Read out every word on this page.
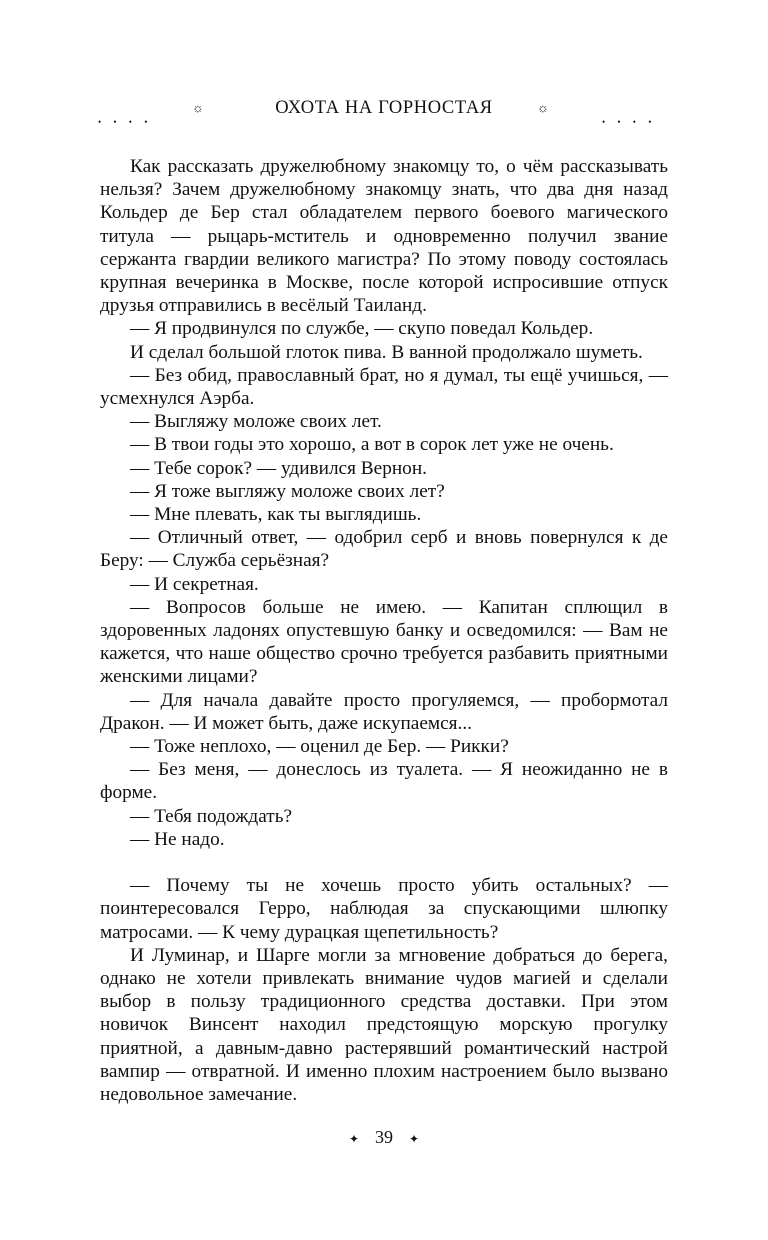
• • • •
☼	ОХОТА НА ГОРНОСТАЯ	☼
• • • •

Как рассказать дружелюбному знакомцу то, о чём рассказывать нельзя? Зачем дружелюбному знакомцу знать, что два дня назад Кольдер де Бер стал обладателем первого боевого магического титула — рыцарь-мститель и одновременно получил звание сержанта гвардии великого магистра? По этому поводу состоялась крупная вечеринка в Москве, после которой испросившие отпуск друзья отправились в весёлый Таиланд.

— Я продвинулся по службе, — скупо поведал Кольдер.

И сделал большой глоток пива. В ванной продолжало шуметь.

— Без обид, православный брат, но я думал, ты ещё учишься, — усмехнулся Аэрба.

— Выгляжу моложе своих лет.

— В твои годы это хорошо, а вот в сорок лет уже не очень.

— Тебе сорок? — удивился Вернон.

— Я тоже выгляжу моложе своих лет?

— Мне плевать, как ты выглядишь.

— Отличный ответ, — одобрил серб и вновь повернулся к де Беру: — Служба серьёзная?

— И секретная.

— Вопросов больше не имею. — Капитан сплющил в здоровенных ладонях опустевшую банку и осведомился: — Вам не кажется, что наше общество срочно требуется разбавить приятными женскими лицами?

— Для начала давайте просто прогуляемся, — пробормотал Дракон. — И может быть, даже искупаемся...

— Тоже неплохо, — оценил де Бер. — Рикки?

— Без меня, — донеслось из туалета. — Я неожиданно не в форме.

— Тебя подождать?

— Не надо.

— Почему ты не хочешь просто убить остальных? — поинтересовался Герро, наблюдая за спускающими шлюпку матросами. — К чему дурацкая щепетильность?

И Луминар, и Шарге могли за мгновение добраться до берега, однако не хотели привлекать внимание чудов магией и сделали выбор в пользу традиционного средства доставки. При этом новичок Винсент находил предстоящую морскую прогулку приятной, а давным-давно растерявший романтический настрой вампир — отвратной. И именно плохим настроением было вызвано недовольное замечание.

✦ 39 ✦
